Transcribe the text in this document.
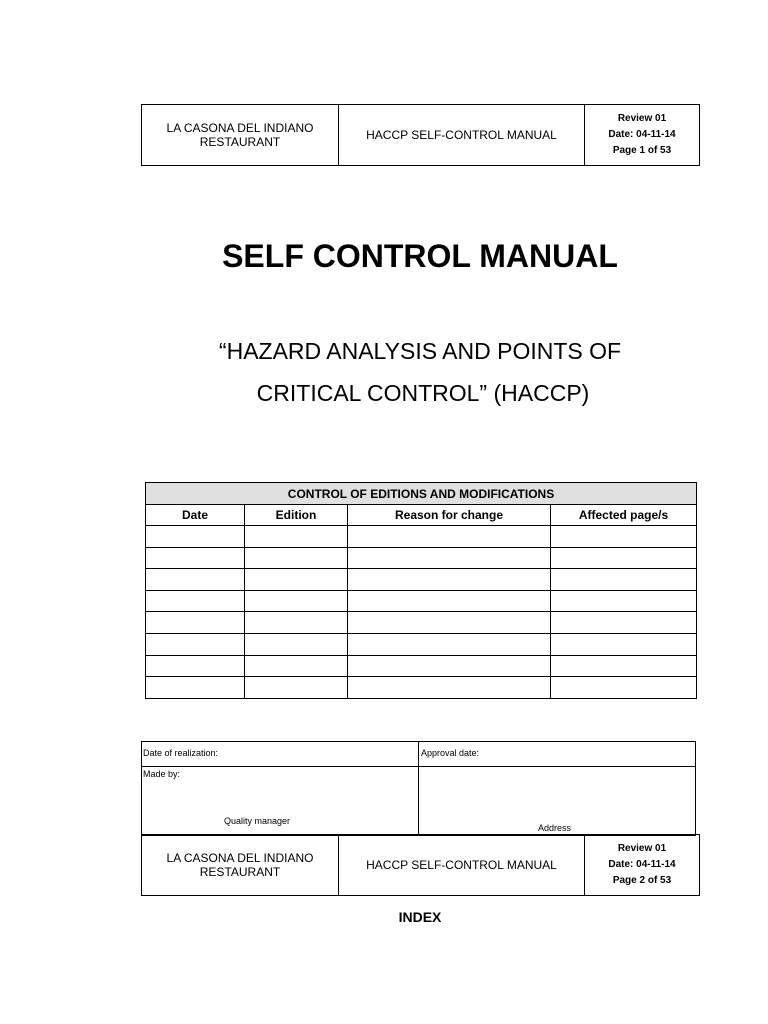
LA CASONA DEL INDIANO
RESTAURANT	HACCP SELF-CONTROL MANUAL
Review 01
Date: 04-11-14
Page 1 of 53
SELF CONTROL MANUAL
“HAZARD ANALYSIS AND POINTS OF
CRITICAL CONTROL” (HACCP)
CONTROL OF EDITIONS AND MODIFICATIONS			
Date	Edition	Reason for change	Affected page/s

Date of realization:	Approval date:
Made by:
Quality manager
Address
LA CASONA DEL INDIANO
RESTAURANT	HACCP SELF-CONTROL MANUAL
Review 01
Date: 04-11-14
Page 2 of 53
INDEX
